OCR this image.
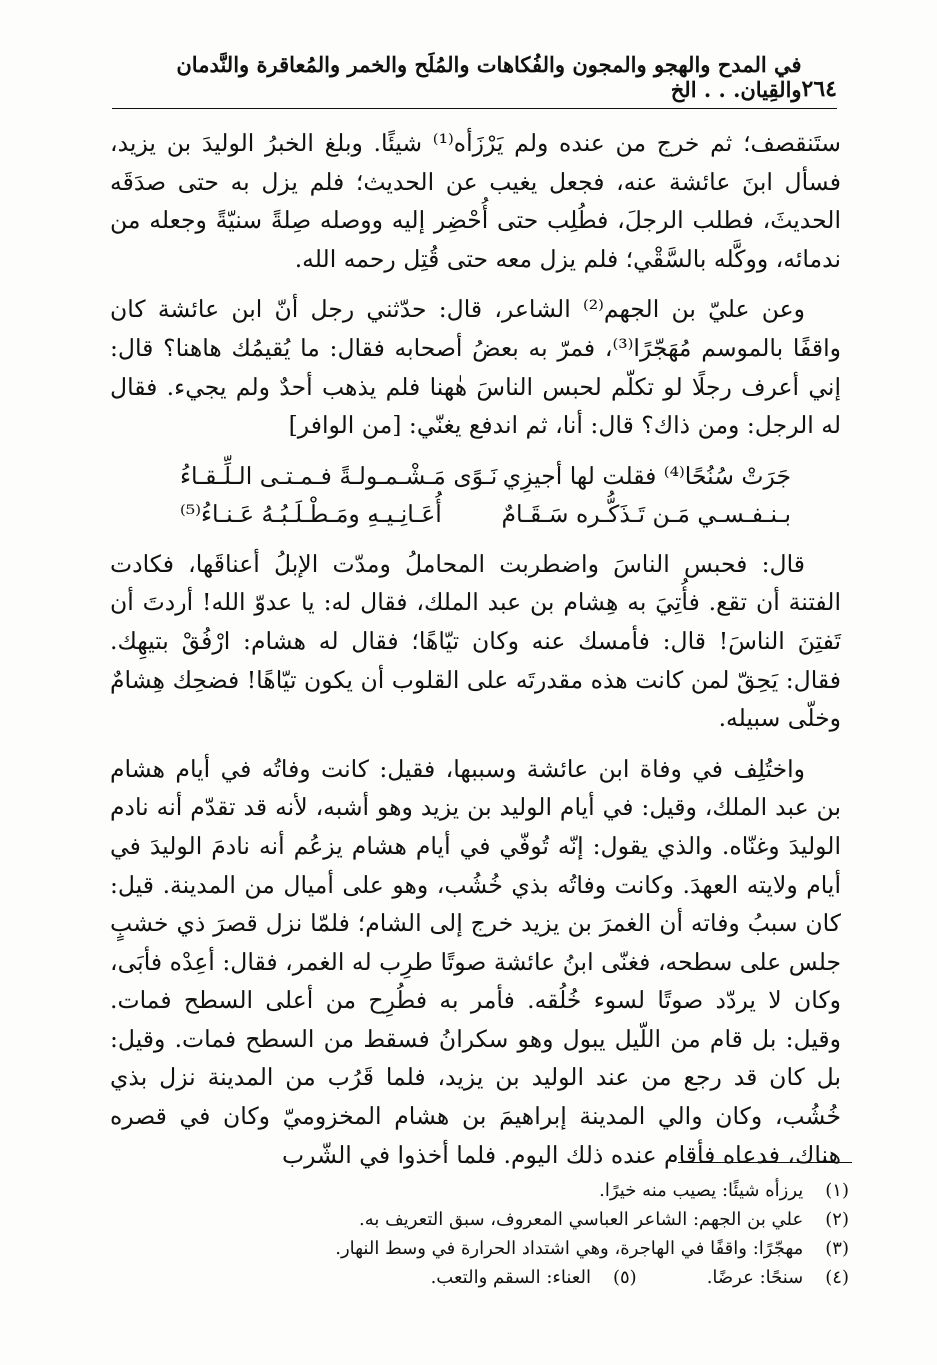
٢٦٤
في المدح والهجو والمجون والفُكاهات والمُلَح والخمر والمُعاقرة والنَّدمان والقِيان. . . الخ

ستَنقصف؛ ثم خرج من عنده ولم يَرْزَأه⁽¹⁾ شيئًا. وبلغ الخبرُ الوليدَ بن يزيد، فسأل ابنَ عائشة عنه، فجعل يغيب عن الحديث؛ فلم يزل به حتى صدَقَه الحديثَ، فطلب الرجلَ، فطُلِب حتى أُحْضِر إليه ووصله صِلةً سنيّةً وجعله من ندمائه، ووكَّله بالسَّقْي؛ فلم يزل معه حتى قُتِل رحمه الله.

وعن عليّ بن الجهم⁽²⁾ الشاعر، قال: حدّثني رجل أنّ ابن عائشة كان واقفًا بالموسم مُهَجّرًا⁽³⁾، فمرّ به بعضُ أصحابه فقال: ما يُقيمُك هاهنا؟ قال: إني أعرف رجلًا لو تكلّم لحبس الناسَ هٰهنا فلم يذهب أحدٌ ولم يجيء. فقال له الرجل: ومن ذاك؟ قال: أنا، ثم اندفع يغنّي: [من الوافر]

جَرَتْ سُنُحًا⁽⁴⁾ فقلت لها أجيزِي
نَـوًى مَـشْـمـولـةً فـمـتـى الـلِّـقـاءُ
بـنـفـسـي مَـن تَـذَكُّـره سَـقَـامٌ
أُعَـانِـيـهِ ومَـطْـلَـبُـهُ عَـنـاءُ⁽⁵⁾

قال: فحبس الناسَ واضطربت المحاملُ ومدّت الإبلُ أعناقَها، فكادت الفتنة أن تقع. فأُتِيَ به هِشام بن عبد الملك، فقال له: يا عدوّ الله! أردتَ أن تَفتِنَ الناسَ! قال: فأمسك عنه وكان تيّاهًا؛ فقال له هشام: ارْفُقْ بتيهِك. فقال: يَحِقّ لمن كانت هذه مقدرتَه على القلوب أن يكون تيّاهًا! فضحِك هِشامٌ وخلّى سبيله.

واختُلِف في وفاة ابن عائشة وسببها، فقيل: كانت وفاتُه في أيام هشام بن عبد الملك، وقيل: في أيام الوليد بن يزيد وهو أشبه، لأنه قد تقدّم أنه نادم الوليدَ وغنّاه. والذي يقول: إنّه تُوفّي في أيام هشام يزعُم أنه نادمَ الوليدَ في أيام ولايته العهدَ. وكانت وفاتُه بذي خُشُب، وهو على أميال من المدينة. قيل: كان سببُ وفاته أن الغمرَ بن يزيد خرج إلى الشام؛ فلمّا نزل قصرَ ذي خشبٍ جلس على سطحه، فغنّى ابنُ عائشة صوتًا طرِب له الغمر، فقال: أعِدْه فأبَى، وكان لا يردّد صوتًا لسوء خُلُقه. فأمر به فطُرِح من أعلى السطح فمات. وقيل: بل قام من اللّيل يبول وهو سكرانُ فسقط من السطح فمات. وقيل: بل كان قد رجع من عند الوليد بن يزيد، فلما قَرُب من المدينة نزل بذي خُشُب، وكان والي المدينة إبراهيمَ بن هشام المخزوميّ وكان في قصره هناك، فدعاه فأقام عنده ذلك اليوم. فلما أخذوا في الشّرب

(١) يرزأه شيئًا: يصيب منه خيرًا.
(٢) علي بن الجهم: الشاعر العباسي المعروف، سبق التعريف به.
(٣) مهجّرًا: واقفًا في الهاجرة، وهي اشتداد الحرارة في وسط النهار.
(٤) سنحًا: عرضًا.
(٥) العناء: السقم والتعب.
